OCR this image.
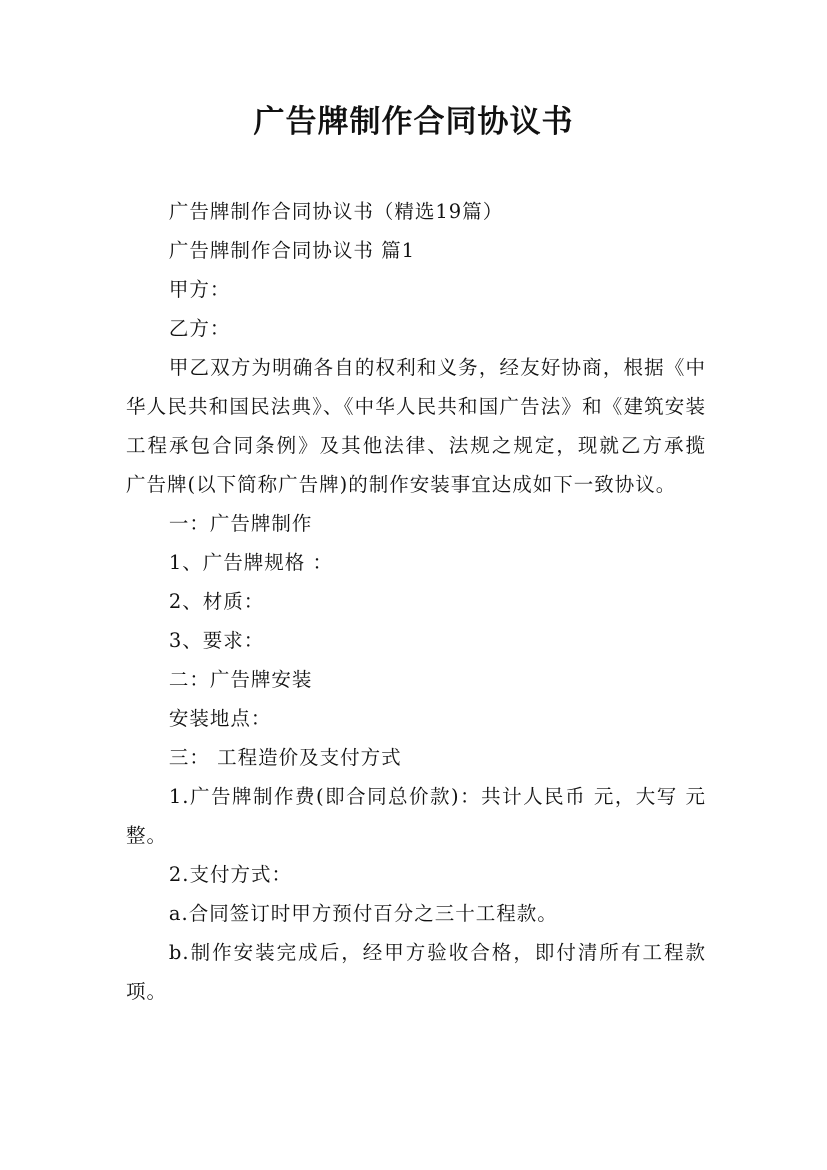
广告牌制作合同协议书

广告牌制作合同协议书（精选19篇）

广告牌制作合同协议书 篇1

甲方：

乙方：

甲乙双方为明确各自的权利和义务，经友好协商，根据《中华人民共和国民法典》、《中华人民共和国广告法》和《建筑安装工程承包合同条例》及其他法律、法规之规定，现就乙方承揽 广告牌(以下简称广告牌)的制作安装事宜达成如下一致协议。

一：广告牌制作

1、广告牌规格 ：

2、材质：

3、要求：

二：广告牌安装

安装地点：

三： 工程造价及支付方式

1.广告牌制作费(即合同总价款)：共计人民币 元，大写 元整。

2.支付方式：

a.合同签订时甲方预付百分之三十工程款。

b.制作安装完成后，经甲方验收合格，即付清所有工程款项。
